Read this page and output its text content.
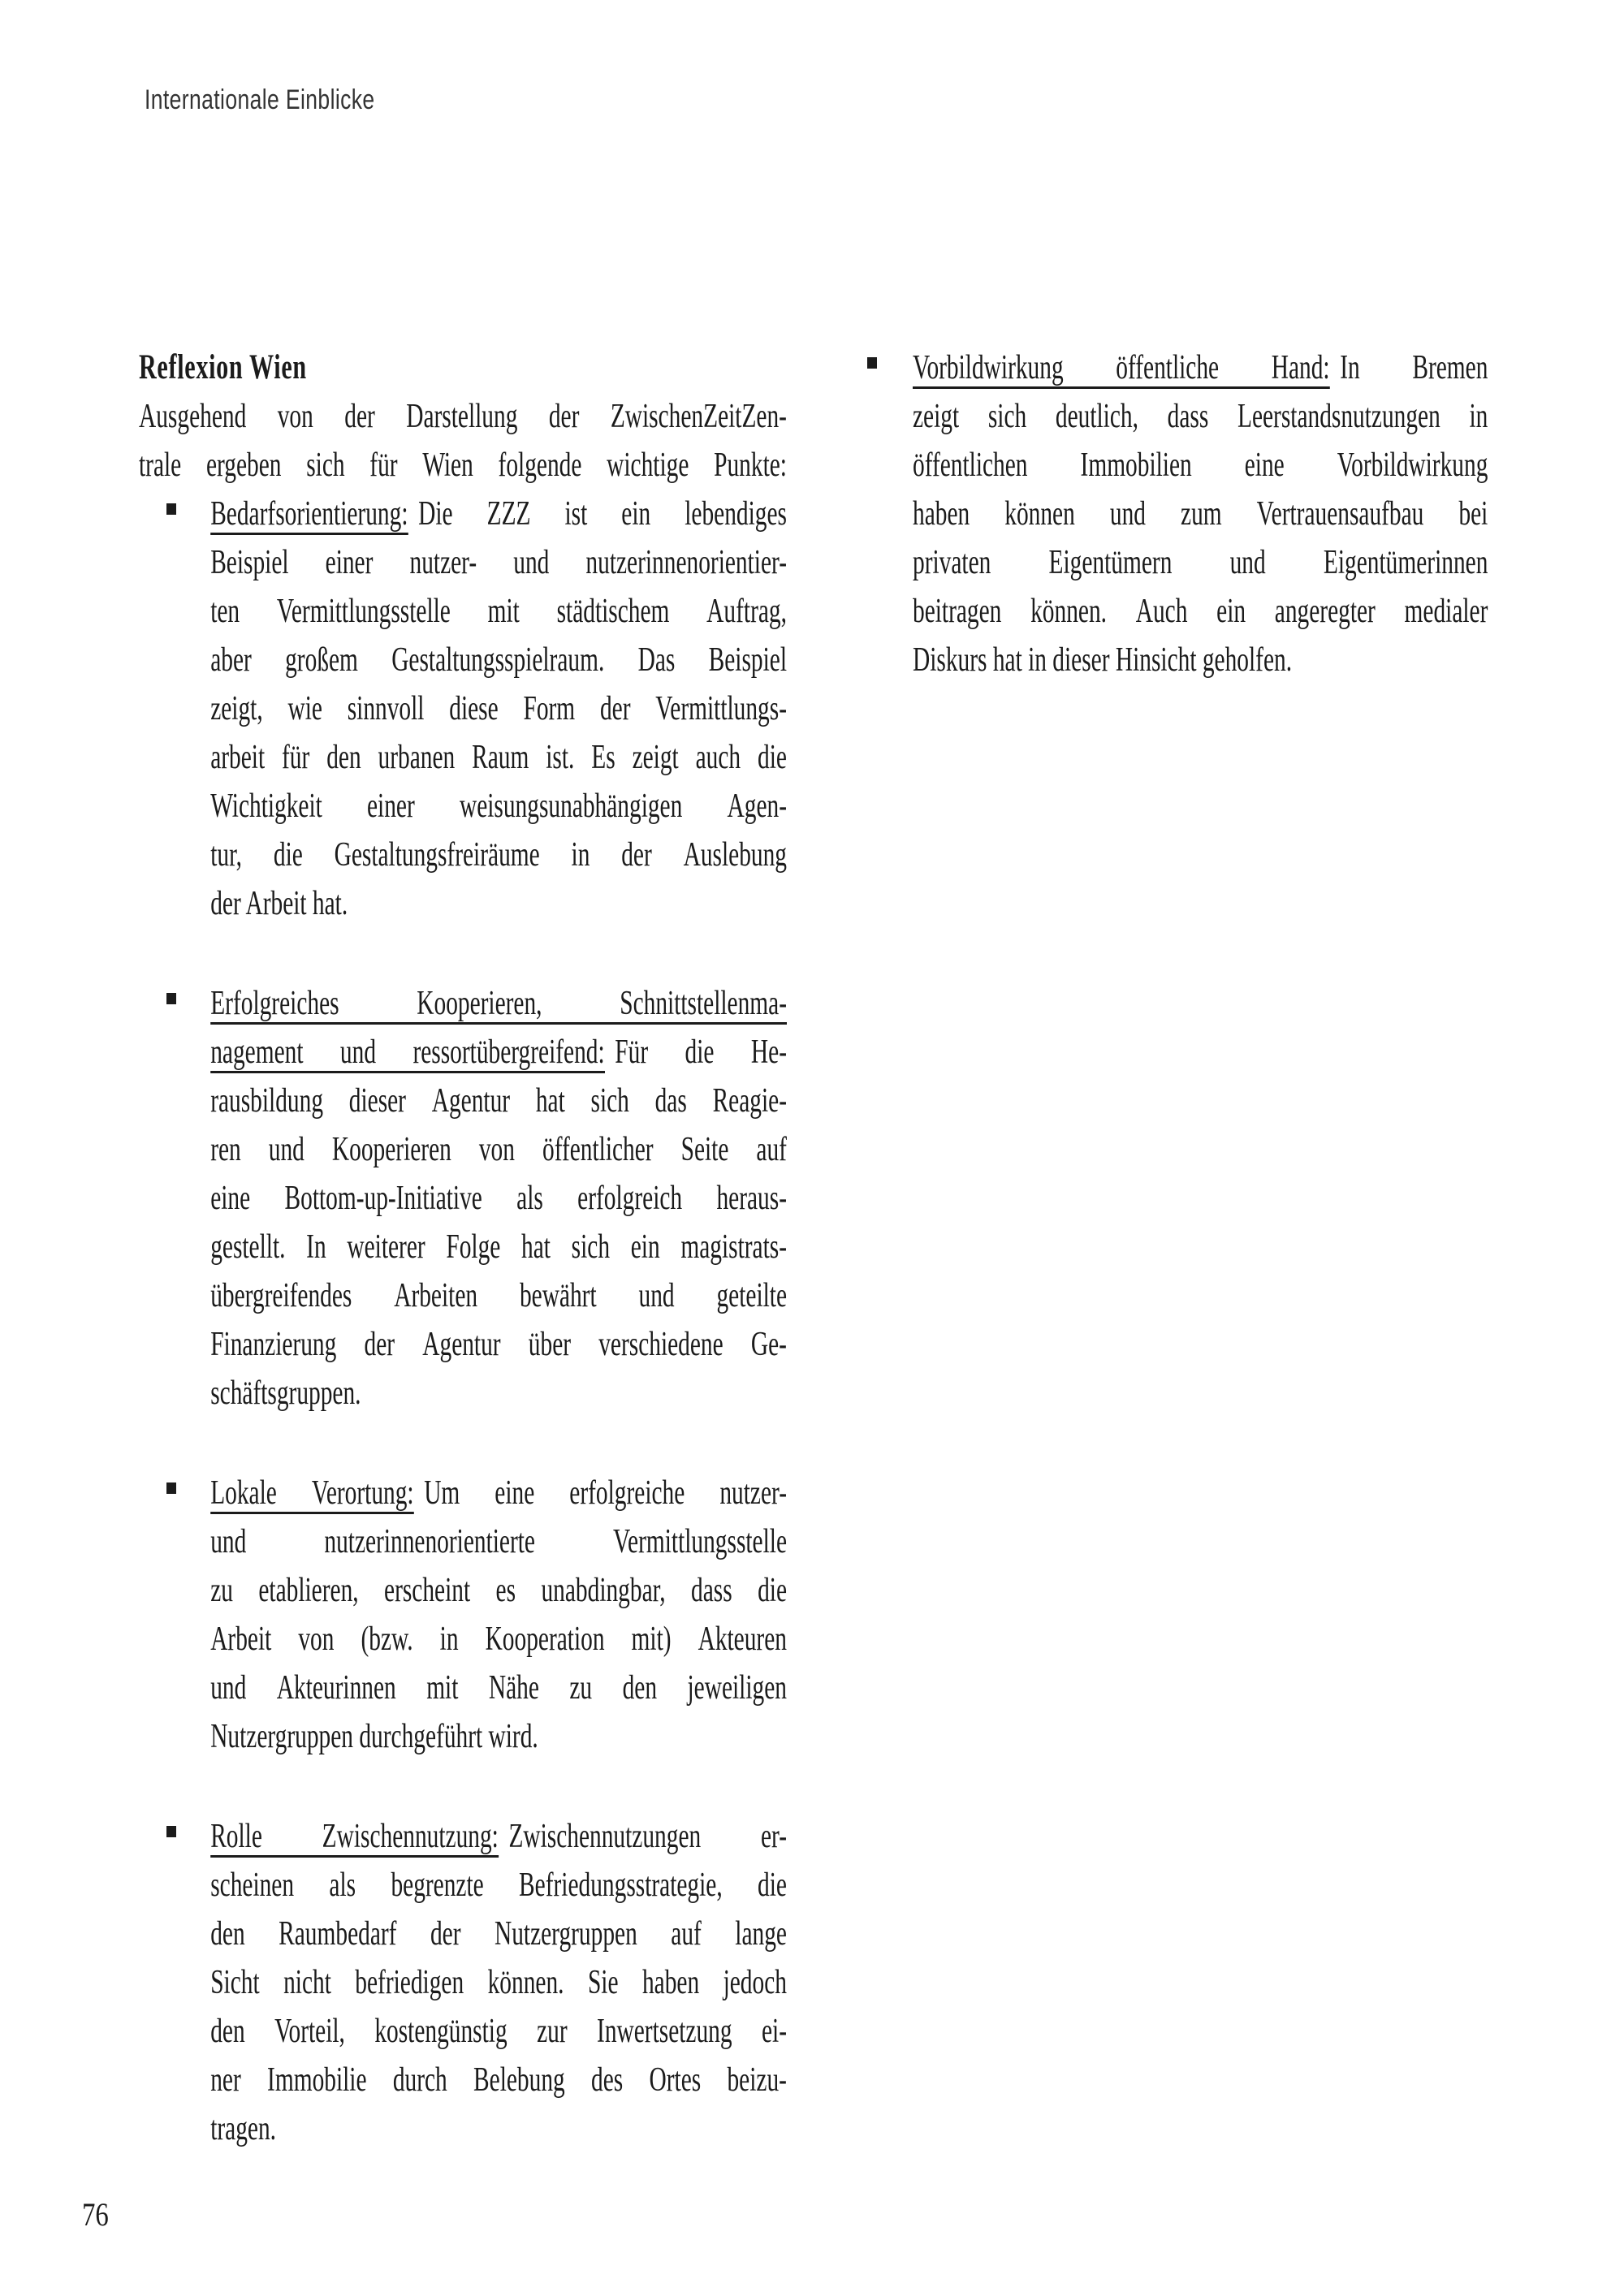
Internationale Einblicke
Reflexion Wien
Ausgehend von der Darstellung der ZwischenZeitZen-
trale ergeben sich für Wien folgende wichtige Punkte:
Bedarfsorientierung: Die ZZZ ist ein lebendiges
Beispiel einer nutzer- und nutzerinnenorientier-
ten Vermittlungsstelle mit städtischem Auftrag,
aber großem Gestaltungsspielraum. Das Beispiel
zeigt, wie sinnvoll diese Form der Vermittlungs-
arbeit für den urbanen Raum ist. Es zeigt auch die
Wichtigkeit einer weisungsunabhängigen Agen-
tur, die Gestaltungsfreiräume in der Auslebung
der Arbeit hat.
Erfolgreiches Kooperieren, Schnittstellenma-
nagement und ressortübergreifend: Für die He-
rausbildung dieser Agentur hat sich das Reagie-
ren und Kooperieren von öffentlicher Seite auf
eine Bottom-up-Initiative als erfolgreich heraus-
gestellt. In weiterer Folge hat sich ein magistrats-
übergreifendes Arbeiten bewährt und geteilte
Finanzierung der Agentur über verschiedene Ge-
schäftsgruppen.
Lokale Verortung: Um eine erfolgreiche nutzer-
und nutzerinnenorientierte Vermittlungsstelle
zu etablieren, erscheint es unabdingbar, dass die
Arbeit von (bzw. in Kooperation mit) Akteuren
und Akteurinnen mit Nähe zu den jeweiligen
Nutzergruppen durchgeführt wird.
Rolle Zwischennutzung: Zwischennutzungen er-
scheinen als begrenzte Befriedungsstrategie, die
den Raumbedarf der Nutzergruppen auf lange
Sicht nicht befriedigen können. Sie haben jedoch
den Vorteil, kostengünstig zur Inwertsetzung ei-
ner Immobilie durch Belebung des Ortes beizu-
tragen.
Vorbildwirkung öffentliche Hand: In Bremen
zeigt sich deutlich, dass Leerstandsnutzungen in
öffentlichen Immobilien eine Vorbildwirkung
haben können und zum Vertrauensaufbau bei
privaten Eigentümern und Eigentümerinnen
beitragen können. Auch ein angeregter medialer
Diskurs hat in dieser Hinsicht geholfen.
76
